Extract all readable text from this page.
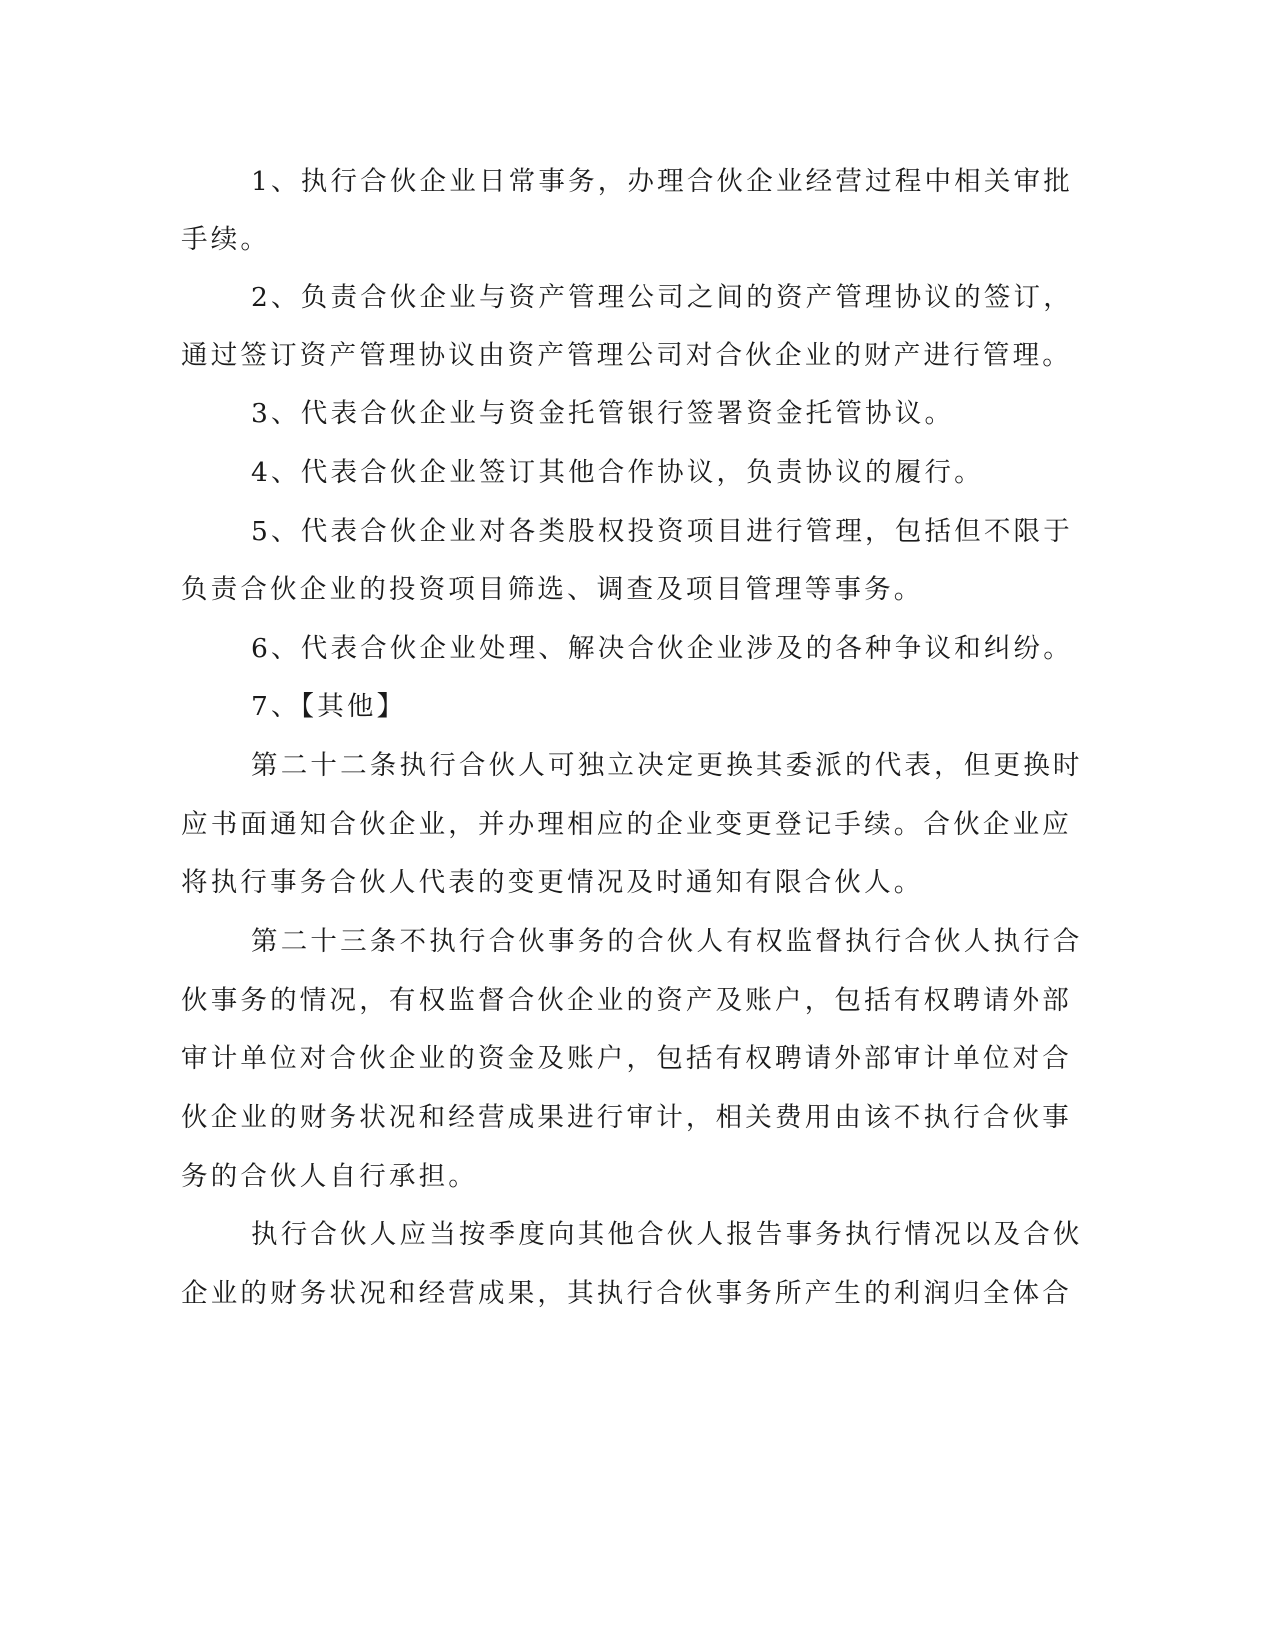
1、执行合伙企业日常事务，办理合伙企业经营过程中相关审批
手续。
2、负责合伙企业与资产管理公司之间的资产管理协议的签订，
通过签订资产管理协议由资产管理公司对合伙企业的财产进行管理。
3、代表合伙企业与资金托管银行签署资金托管协议。
4、代表合伙企业签订其他合作协议，负责协议的履行。
5、代表合伙企业对各类股权投资项目进行管理，包括但不限于
负责合伙企业的投资项目筛选、调查及项目管理等事务。
6、代表合伙企业处理、解决合伙企业涉及的各种争议和纠纷。
7、【其他】
第二十二条执行合伙人可独立决定更换其委派的代表，但更换时
应书面通知合伙企业，并办理相应的企业变更登记手续。合伙企业应
将执行事务合伙人代表的变更情况及时通知有限合伙人。
第二十三条不执行合伙事务的合伙人有权监督执行合伙人执行合
伙事务的情况，有权监督合伙企业的资产及账户，包括有权聘请外部
审计单位对合伙企业的资金及账户，包括有权聘请外部审计单位对合
伙企业的财务状况和经营成果进行审计，相关费用由该不执行合伙事
务的合伙人自行承担。
执行合伙人应当按季度向其他合伙人报告事务执行情况以及合伙
企业的财务状况和经营成果，其执行合伙事务所产生的利润归全体合
